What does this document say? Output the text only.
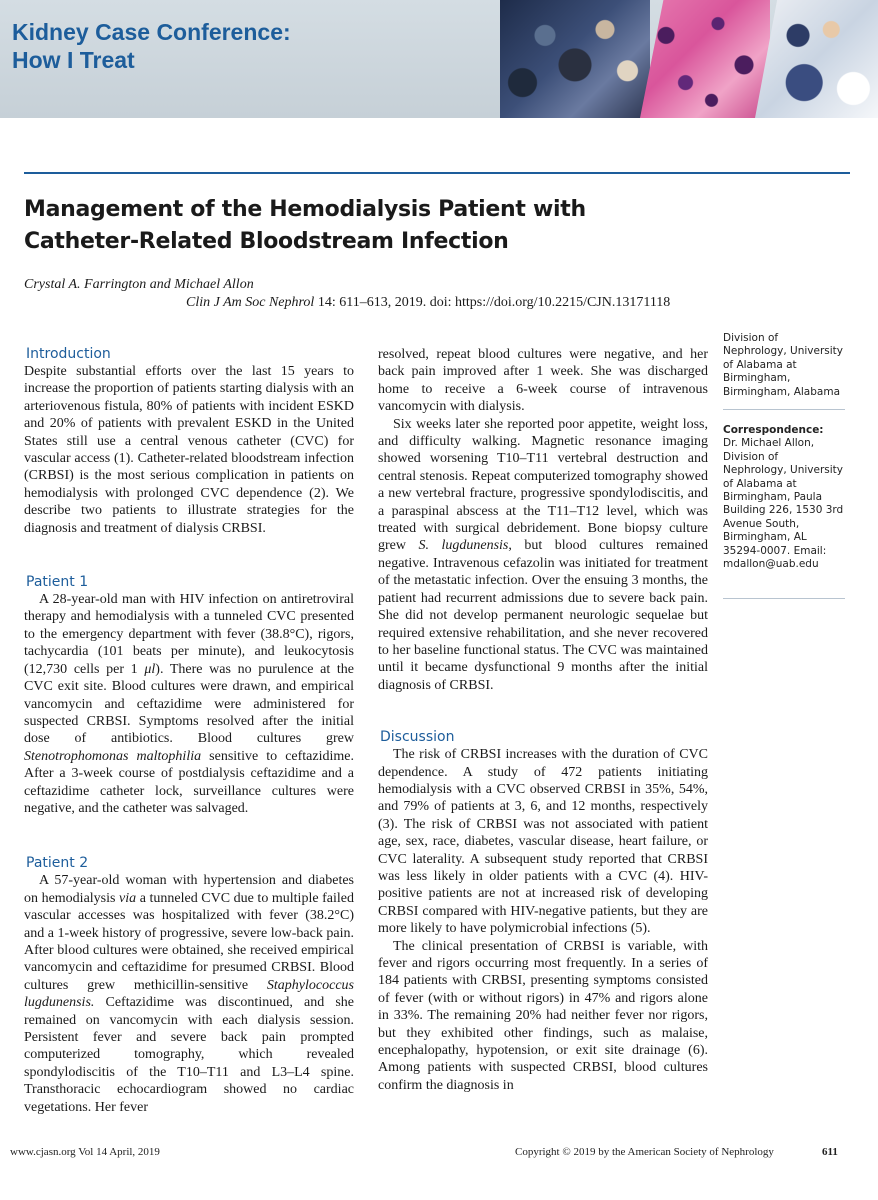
Kidney Case Conference:
How I Treat
Management of the Hemodialysis Patient with
Catheter-Related Bloodstream Infection
Crystal A. Farrington and Michael Allon
Clin J Am Soc Nephrol 14: 611–613, 2019. doi: https://doi.org/10.2215/CJN.13171118
Introduction

Despite substantial efforts over the last 15 years to increase the proportion of patients starting dialysis with an arteriovenous fistula, 80% of patients with incident ESKD and 20% of patients with prevalent ESKD in the United States still use a central venous catheter (CVC) for vascular access (1). Catheter-related bloodstream infection (CRBSI) is the most serious complication in patients on hemodialysis with prolonged CVC dependence (2). We describe two patients to illustrate strategies for the diagnosis and treatment of dialysis CRBSI.

Patient 1

A 28-year-old man with HIV infection on antiretroviral therapy and hemodialysis with a tunneled CVC presented to the emergency department with fever (38.8°C), rigors, tachycardia (101 beats per minute), and leukocytosis (12,730 cells per 1 μl). There was no purulence at the CVC exit site. Blood cultures were drawn, and empirical vancomycin and ceftazidime were administered for suspected CRBSI. Symptoms resolved after the initial dose of antibiotics. Blood cultures grew Stenotrophomonas maltophilia sensitive to ceftazidime. After a 3-week course of postdialysis ceftazidime and a ceftazidime catheter lock, surveillance cultures were negative, and the catheter was salvaged.

Patient 2

A 57-year-old woman with hypertension and diabetes on hemodialysis via a tunneled CVC due to multiple failed vascular accesses was hospitalized with fever (38.2°C) and a 1-week history of progressive, severe low-back pain. After blood cultures were obtained, she received empirical vancomycin and ceftazidime for presumed CRBSI. Blood cultures grew methicillin-sensitive Staphylococcus lugdunensis. Ceftazidime was discontinued, and she remained on vancomycin with each dialysis session. Persistent fever and severe back pain prompted computerized tomography, which revealed spondylodiscitis of the T10–T11 and L3–L4 spine. Transthoracic echocardiogram showed no cardiac vegetations. Her fever

resolved, repeat blood cultures were negative, and her back pain improved after 1 week. She was discharged home to receive a 6-week course of intravenous vancomycin with dialysis.

Six weeks later she reported poor appetite, weight loss, and difficulty walking. Magnetic resonance imaging showed worsening T10–T11 vertebral destruction and central stenosis. Repeat computerized tomography showed a new vertebral fracture, progressive spondylodiscitis, and a paraspinal abscess at the T11–T12 level, which was treated with surgical debridement. Bone biopsy culture grew S. lugdunensis, but blood cultures remained negative. Intravenous cefazolin was initiated for treatment of the metastatic infection. Over the ensuing 3 months, the patient had recurrent admissions due to severe back pain. She did not develop permanent neurologic sequelae but required extensive rehabilitation, and she never recovered to her baseline functional status. The CVC was maintained until it became dysfunctional 9 months after the initial diagnosis of CRBSI.

Discussion

The risk of CRBSI increases with the duration of CVC dependence. A study of 472 patients initiating hemodialysis with a CVC observed CRBSI in 35%, 54%, and 79% of patients at 3, 6, and 12 months, respectively (3). The risk of CRBSI was not associated with patient age, sex, race, diabetes, vascular disease, heart failure, or CVC laterality. A subsequent study reported that CRBSI was less likely in older patients with a CVC (4). HIV-positive patients are not at increased risk of developing CRBSI compared with HIV-negative patients, but they are more likely to have polymicrobial infections (5).

The clinical presentation of CRBSI is variable, with fever and rigors occurring most frequently. In a series of 184 patients with CRBSI, presenting symptoms consisted of fever (with or without rigors) in 47% and rigors alone in 33%. The remaining 20% had neither fever nor rigors, but they exhibited other findings, such as malaise, encephalopathy, hypotension, or exit site drainage (6). Among patients with suspected CRBSI, blood cultures confirm the diagnosis in

Division of Nephrology, University of Alabama at Birmingham, Birmingham, Alabama
Correspondence:
Dr. Michael Allon, Division of Nephrology, University of Alabama at Birmingham, Paula Building 226, 1530 3rd Avenue South, Birmingham, AL 35294-0007. Email: mdallon@uab.edu
www.cjasn.org Vol 14 April, 2019	Copyright © 2019 by the American Society of Nephrology	611
